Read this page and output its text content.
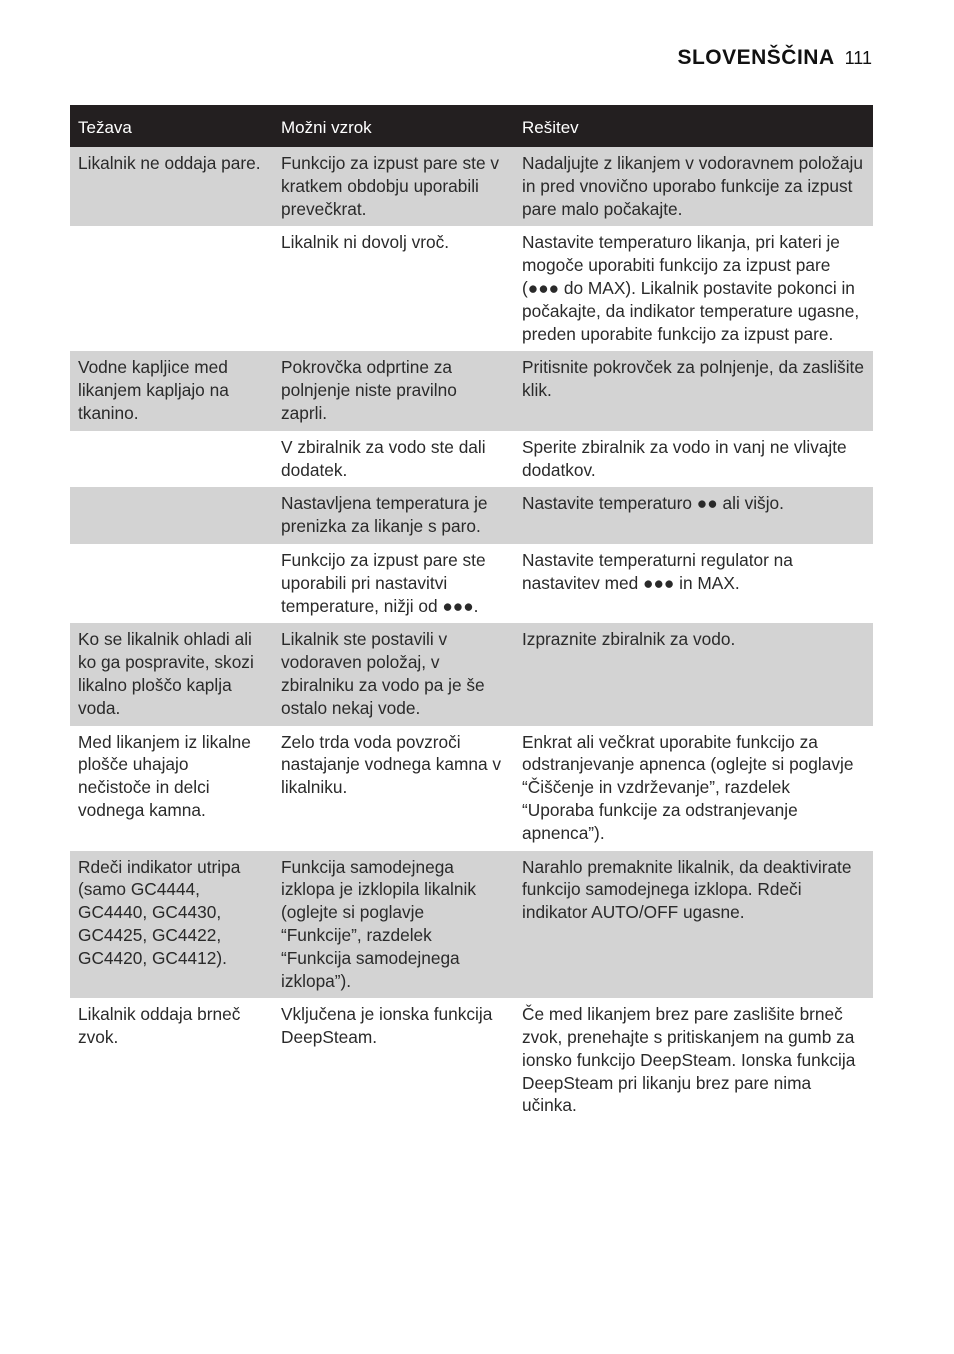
SLOVENŠČINA 111
Težava	Možni vzrok	Rešitev
Likalnik ne oddaja pare.	Funkcijo za izpust pare ste v kratkem obdobju uporabili prevečkrat.	Nadaljujte z likanjem v vodoravnem položaju in pred vnovično uporabo funkcije za izpust pare malo počakajte.
	Likalnik ni dovolj vroč.	Nastavite temperaturo likanja, pri kateri je mogoče uporabiti funkcijo za izpust pare (●●● do MAX). Likalnik postavite pokonci in počakajte, da indikator temperature ugasne, preden uporabite funkcijo za izpust pare.
Vodne kapljice med likanjem kapljajo na tkanino.	Pokrovčka odprtine za polnjenje niste pravilno zaprli.	Pritisnite pokrovček za polnjenje, da zaslišite klik.
	V zbiralnik za vodo ste dali dodatek.	Sperite zbiralnik za vodo in vanj ne vlivajte dodatkov.
	Nastavljena temperatura je prenizka za likanje s paro.	Nastavite temperaturo ●● ali višjo.
	Funkcijo za izpust pare ste uporabili pri nastavitvi temperature, nižji od ●●●.	Nastavite temperaturni regulator na nastavitev med ●●● in MAX.
Ko se likalnik ohladi ali ko ga pospravite, skozi likalno ploščo kaplja voda.	Likalnik ste postavili v vodoraven položaj, v zbiralniku za vodo pa je še ostalo nekaj vode.	Izpraznite zbiralnik za vodo.
Med likanjem iz likalne plošče uhajajo nečistoče in delci vodnega kamna.	Zelo trda voda povzroči nastajanje vodnega kamna v likalniku.	Enkrat ali večkrat uporabite funkcijo za odstranjevanje apnenca (oglejte si poglavje “Čiščenje in vzdrževanje”, razdelek “Uporaba funkcije za odstranjevanje apnenca”).
Rdeči indikator utripa (samo GC4444, GC4440, GC4430, GC4425, GC4422, GC4420, GC4412).	Funkcija samodejnega izklopa je izklopila likalnik (oglejte si poglavje “Funkcije”, razdelek “Funkcija samodejnega izklopa”).	Narahlo premaknite likalnik, da deaktivirate funkcijo samodejnega izklopa. Rdeči indikator AUTO/OFF ugasne.
Likalnik oddaja brneč zvok.	Vključena je ionska funkcija DeepSteam.	Če med likanjem brez pare zaslišite brneč zvok, prenehajte s pritiskanjem na gumb za ionsko funkcijo DeepSteam. Ionska funkcija DeepSteam pri likanju brez pare nima učinka.
